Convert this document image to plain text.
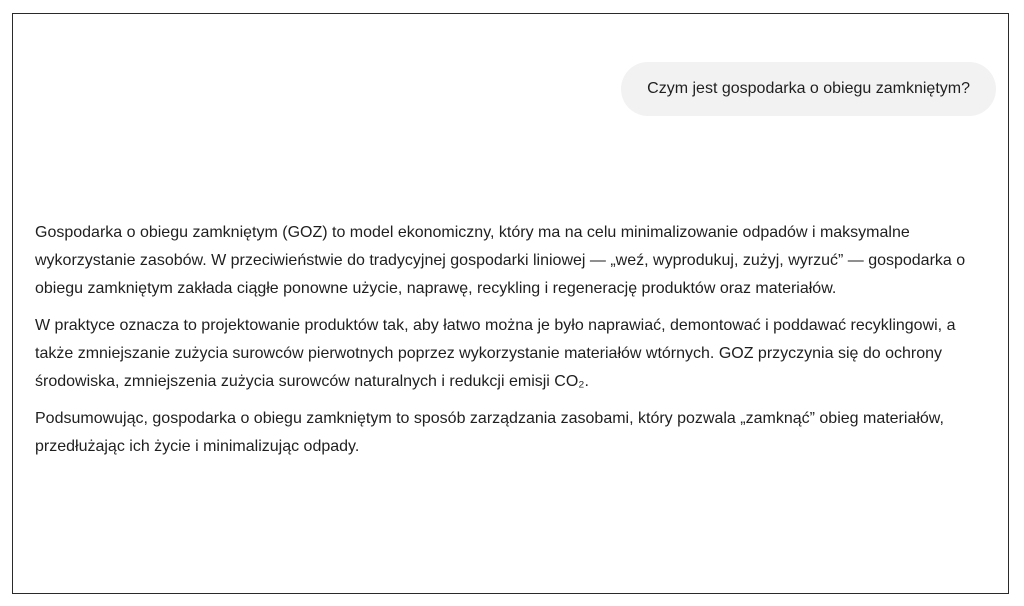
Czym jest gospodarka o obiegu zamkniętym?

Gospodarka o obiegu zamkniętym (GOZ) to model ekonomiczny, który ma na celu minimalizowanie odpadów i maksymalne wykorzystanie zasobów. W przeciwieństwie do tradycyjnej gospodarki liniowej — „weź, wyprodukuj, zużyj, wyrzuć” — gospodarka o obiegu zamkniętym zakłada ciągłe ponowne użycie, naprawę, recykling i regenerację produktów oraz materiałów.

W praktyce oznacza to projektowanie produktów tak, aby łatwo można je było naprawiać, demontować i poddawać recyklingowi, a także zmniejszanie zużycia surowców pierwotnych poprzez wykorzystanie materiałów wtórnych. GOZ przyczynia się do ochrony środowiska, zmniejszenia zużycia surowców naturalnych i redukcji emisji CO₂.

Podsumowując, gospodarka o obiegu zamkniętym to sposób zarządzania zasobami, który pozwala „zamknąć” obieg materiałów, przedłużając ich życie i minimalizując odpady.
